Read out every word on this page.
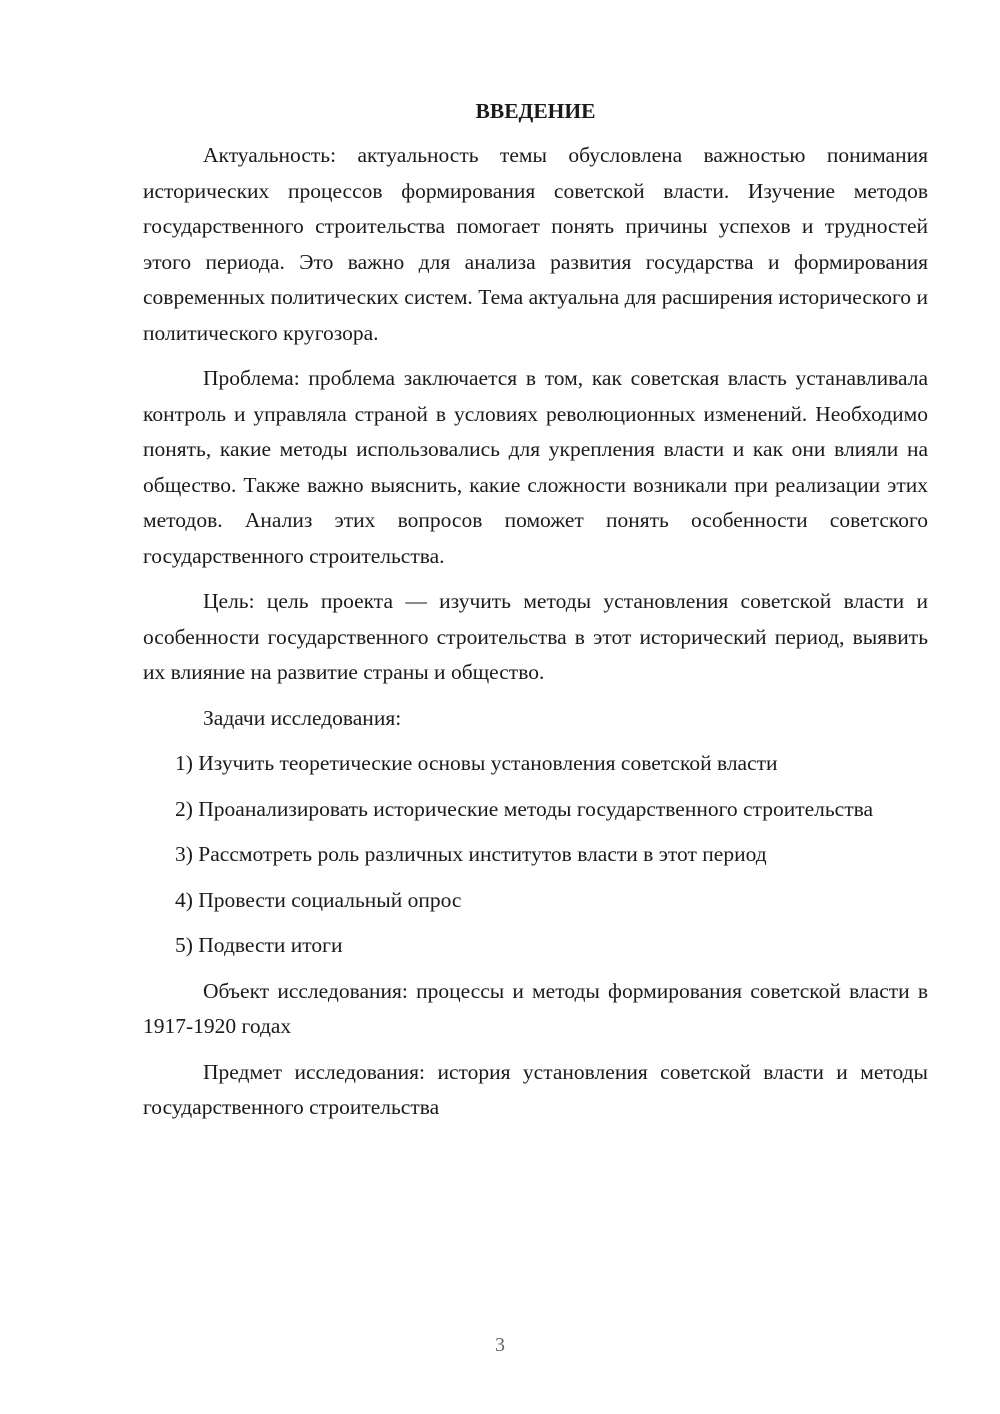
ВВЕДЕНИЕ

Актуальность: актуальность темы обусловлена важностью понимания исторических процессов формирования советской власти. Изучение методов государственного строительства помогает понять причины успехов и трудностей этого периода. Это важно для анализа развития государства и формирования современных политических систем. Тема актуальна для расширения исторического и политического кругозора.

Проблема: проблема заключается в том, как советская власть устанавливала контроль и управляла страной в условиях революционных изменений. Необходимо понять, какие методы использовались для укрепления власти и как они влияли на общество. Также важно выяснить, какие сложности возникали при реализации этих методов. Анализ этих вопросов поможет понять особенности советского государственного строительства.

Цель: цель проекта — изучить методы установления советской власти и особенности государственного строительства в этот исторический период, выявить их влияние на развитие страны и общество.

Задачи исследования:

1) Изучить теоретические основы установления советской власти

2) Проанализировать исторические методы государственного строительства

3) Рассмотреть роль различных институтов власти в этот период

4) Провести социальный опрос

5) Подвести итоги

Объект исследования: процессы и методы формирования советской власти в 1917-1920 годах

Предмет исследования: история установления советской власти и методы государственного строительства

3
